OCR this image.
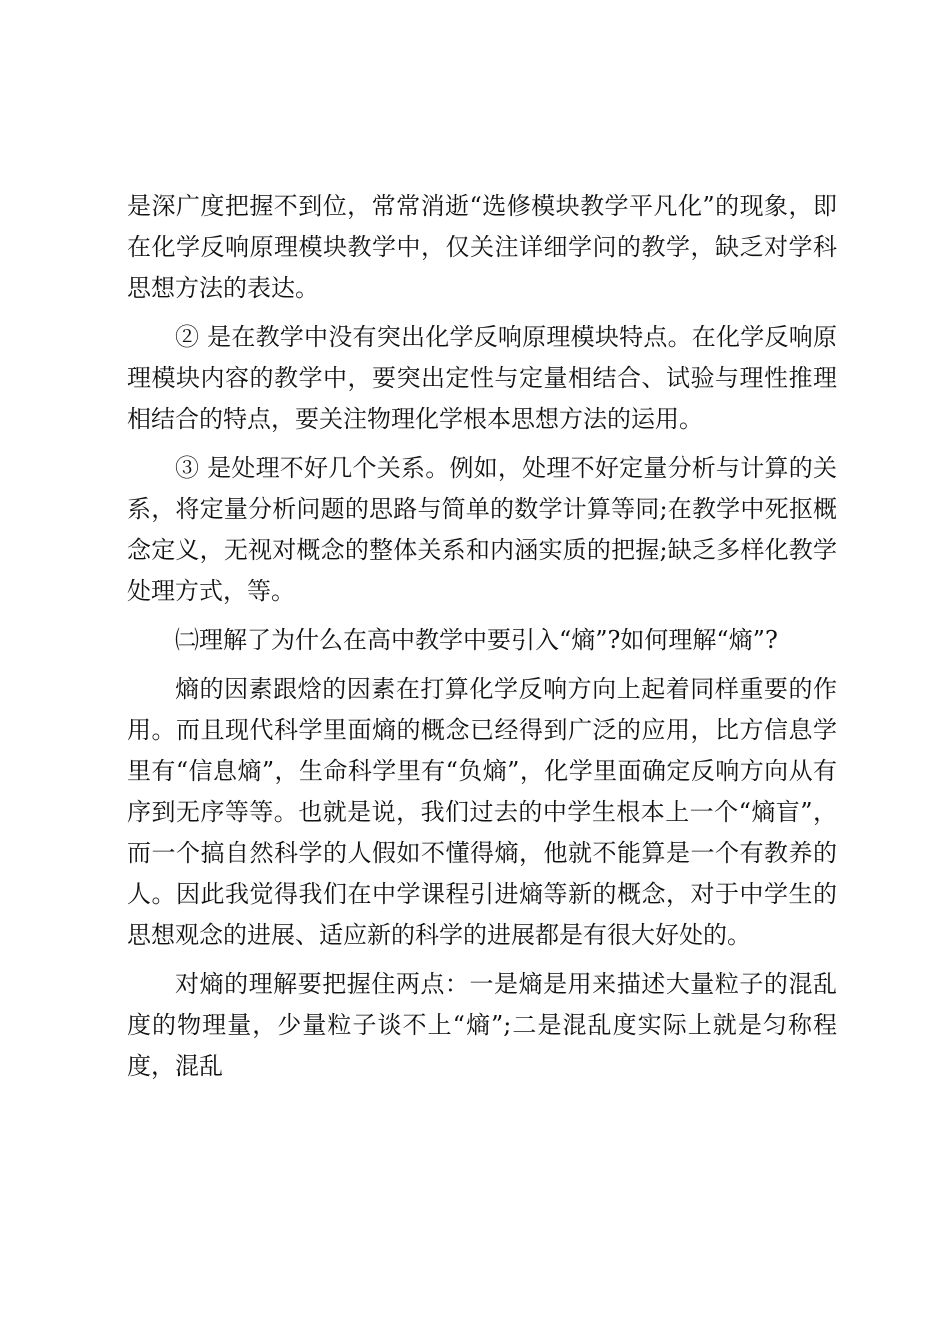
是深广度把握不到位，常常消逝“选修模块教学平凡化”的现象，即在化学反响原理模块教学中，仅关注详细学问的教学，缺乏对学科思想方法的表达。

② 是在教学中没有突出化学反响原理模块特点。在化学反响原理模块内容的教学中，要突出定性与定量相结合、试验与理性推理相结合的特点，要关注物理化学根本思想方法的运用。

③ 是处理不好几个关系。例如，处理不好定量分析与计算的关系，将定量分析问题的思路与简单的数学计算等同;在教学中死抠概念定义，无视对概念的整体关系和内涵实质的把握;缺乏多样化教学处理方式，等。

㈡理解了为什么在高中教学中要引入“熵”?如何理解“熵”?

熵的因素跟焓的因素在打算化学反响方向上起着同样重要的作用。而且现代科学里面熵的概念已经得到广泛的应用，比方信息学里有“信息熵”，生命科学里有“负熵”，化学里面确定反响方向从有序到无序等等。也就是说，我们过去的中学生根本上一个“熵盲”，而一个搞自然科学的人假如不懂得熵，他就不能算是一个有教养的人。因此我觉得我们在中学课程引进熵等新的概念，对于中学生的思想观念的进展、适应新的科学的进展都是有很大好处的。

对熵的理解要把握住两点：一是熵是用来描述大量粒子的混乱度的物理量，少量粒子谈不上“熵”;二是混乱度实际上就是匀称程度，混乱
